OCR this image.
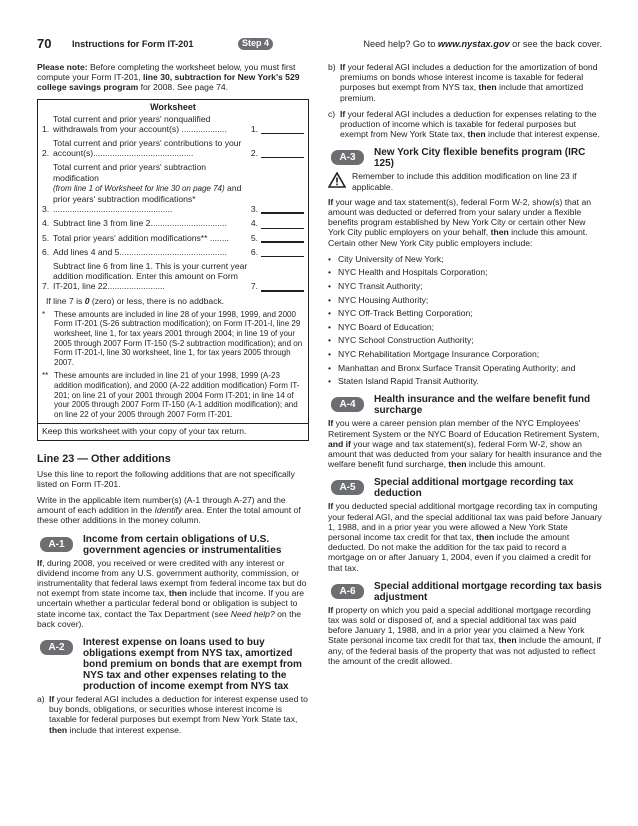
70 Instructions for Form IT-201	Step 4	Need help? Go to www.nystax.gov or see the back cover.

Please note: Before completing the worksheet below, you must first compute your Form IT-201, line 30, subtraction for New York's 529 college savings program for 2008. See page 74.

Worksheet
1.
Total current and prior years' nonqualified withdrawals from your account(s) ...................	1.
2.
Total current and prior years' contributions to your account(s)..........................................	2.
3.
Total current and prior years' subtraction modification
(from line 1 of Worksheet for line 30 on page 74) and prior years' subtraction modifications* ..................................................	3.
4. Subtract line 3 from line 2................................	4.
5. Total prior years' addition modifications** ........	5.
6. Add lines 4 and 5.............................................	6.
7.
Subtract line 6 from line 1. This is your current year addition modification. Enter this amount on Form IT-201, line 22........................	7.
If line 7 is 0 (zero) or less, there is no addback.
*	These amounts are included in line 28 of your 1998, 1999, and 2000 Form IT-201 (S-26 subtraction modification); on Form IT-201-I, line 29 worksheet, line 1, for tax years 2001 through 2004; in line 19 of your 2005 through 2007 Form IT-150 (S-2 subtraction modification); and on Form IT-201-I, line 30 worksheet, line 1, for tax years 2005 through 2007.
** These amounts are included in line 21 of your 1998, 1999 (A-23 addition modification), and 2000 (A-22 addition modification) Form IT-201; on line 21 of your 2001 through 2004 Form IT-201; in line 14 of your 2005 through 2007 Form IT-150 (A-1 addition modification); and on line 22 of your 2005 through 2007 Form IT-201.
Keep this worksheet with your copy of your tax return.
Line 23 — Other additions

Use this line to report the following additions that are not specifically listed on Form IT-201.

Write in the applicable item number(s) (A-1 through A-27) and the amount of each addition in the Identify area. Enter the total amount of these other additions in the money column.

A-1	Income from certain obligations of U.S. government agencies or instrumentalities

If, during 2008, you received or were credited with any interest or dividend income from any U.S. government authority, commission, or instrumentality that federal laws exempt from federal income tax but do not exempt from state income tax, then include that income. If you are uncertain whether a particular federal bond or obligation is subject to state income tax, contact the Tax Department (see Need help? on the back cover).

A-2	Interest expense on loans used to buy obligations exempt from NYS tax, amortized bond premium on bonds that are exempt from NYS tax and other expenses relating to the production of income exempt from NYS tax
a) If your federal AGI includes a deduction for interest expense used to buy bonds, obligations, or securities whose interest income is taxable for federal purposes but exempt from New York State tax, then include that interest expense.
b) If your federal AGI includes a deduction for the amortization of bond premiums on bonds whose interest income is taxable for federal purposes but exempt from NYS tax, then include that amortized premium.
c) If your federal AGI includes a deduction for expenses relating to the production of income which is taxable for federal purposes but exempt from New York State tax, then include that interest expense.
A-3	New York City flexible benefits program (IRC 125)
Remember to include this addition modification on line 23 if applicable.

If your wage and tax statement(s), federal Form W-2, show(s) that an amount was deducted or deferred from your salary under a flexible benefits program established by New York City or certain other New York City public employers on your behalf, then include this amount. Certain other New York City public employers include:

• City University of New York;
• NYC Health and Hospitals Corporation;
• NYC Transit Authority;
• NYC Housing Authority;
• NYC Off-Track Betting Corporation;
• NYC Board of Education;
• NYC School Construction Authority;
• NYC Rehabilitation Mortgage Insurance Corporation;
• Manhattan and Bronx Surface Transit Operating Authority; and
• Staten Island Rapid Transit Authority.
A-4	Health insurance and the welfare benefit fund surcharge

If you were a career pension plan member of the NYC Employees' Retirement System or the NYC Board of Education Retirement System, and if your wage and tax statement(s), federal Form W-2, show an amount that was deducted from your salary for health insurance and the welfare benefit fund surcharge, then include this amount.

A-5	Special additional mortgage recording tax deduction

If you deducted special additional mortgage recording tax in computing your federal AGI, and the special additional tax was paid before January 1, 1988, and in a prior year you were allowed a New York State personal income tax credit for that tax, then include the amount deducted. Do not make the addition for the tax paid to record a mortgage on or after January 1, 2004, even if you claimed a credit for that tax.

A-6	Special additional mortgage recording tax basis adjustment

If property on which you paid a special additional mortgage recording tax was sold or disposed of, and a special additional tax was paid before January 1, 1988, and in a prior year you claimed a New York State personal income tax credit for that tax, then include the amount, if any, of the federal basis of the property that was not adjusted to reflect the amount of the credit allowed.
